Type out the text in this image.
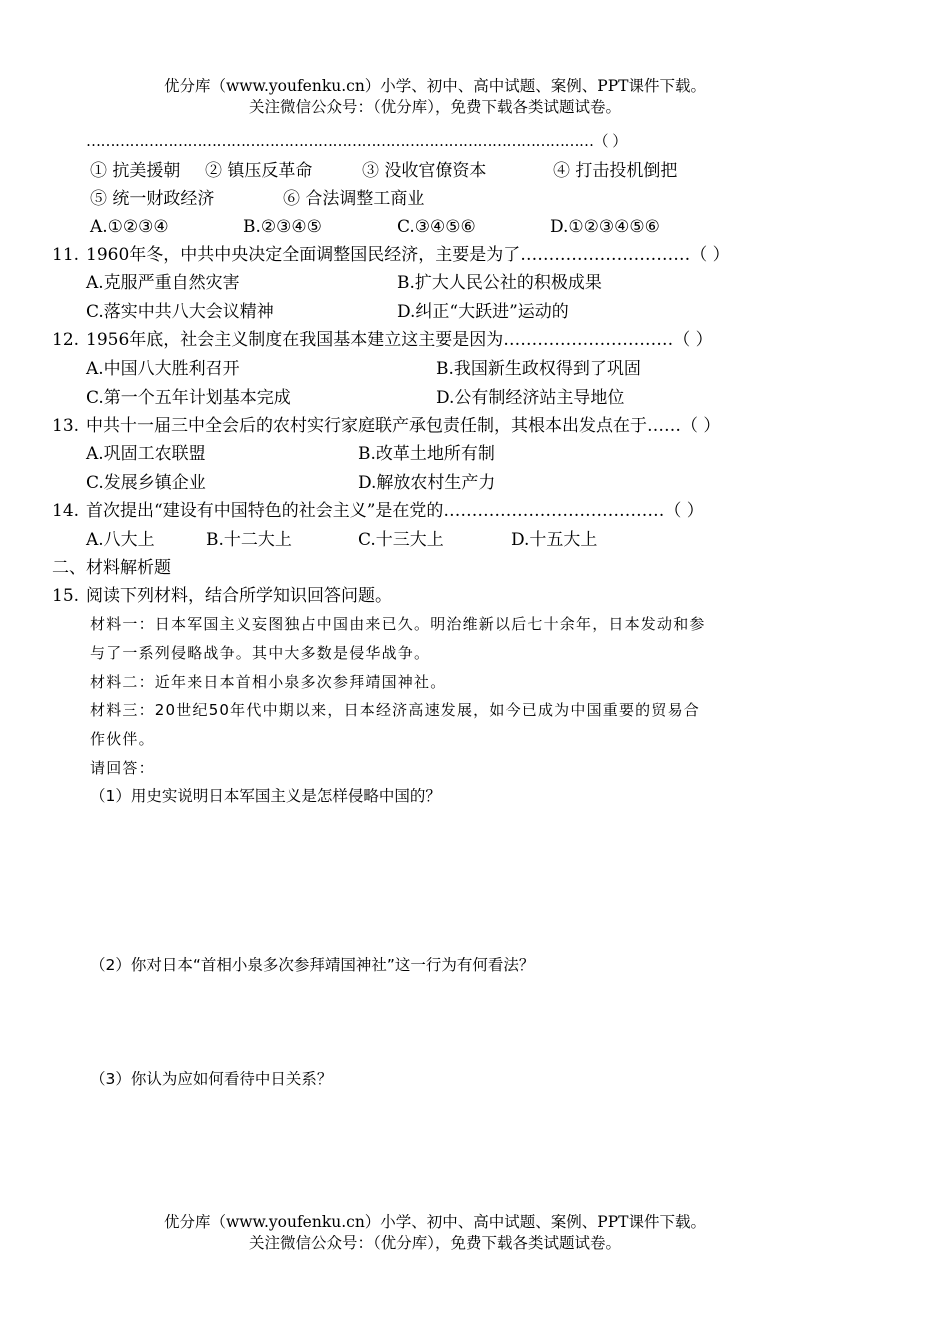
优分库（www.youfenku.cn）小学、初中、高中试题、案例、PPT课件下载。
关注微信公众号：（优分库），免费下载各类试题试卷。
……………………………………………………………………………………………（ ）
① 抗美援朝 ② 镇压反革命	③ 没收官僚资本	④ 打击投机倒把
⑤ 统一财政经济	⑥ 合法调整工商业
A.①②③④	B.②③④⑤	C.③④⑤⑥	D.①②③④⑤⑥
11. 1960年冬，中共中央决定全面调整国民经济，主要是为了…………………………（ ）
A.克服严重自然灾害	B.扩大人民公社的积极成果
C.落实中共八大会议精神	D.纠正“大跃进”运动的
12. 1956年底，社会主义制度在我国基本建立这主要是因为…………………………（ ）
A.中国八大胜利召开	B.我国新生政权得到了巩固
C.第一个五年计划基本完成	D.公有制经济站主导地位
13. 中共十一届三中全会后的农村实行家庭联产承包责任制，其根本出发点在于……（ ）
A.巩固工农联盟	B.改革土地所有制
C.发展乡镇企业	D.解放农村生产力
14. 首次提出“建设有中国特色的社会主义”是在党的…………………………………（ ）
A.八大上	B.十二大上	C.十三大上	D.十五大上
二、材料解析题
15. 阅读下列材料，结合所学知识回答问题。
材料一：日本军国主义妄图独占中国由来已久。明治维新以后七十余年，日本发动和参
与了一系列侵略战争。其中大多数是侵华战争。
材料二：近年来日本首相小泉多次参拜靖国神社。
材料三：20世纪50年代中期以来，日本经济高速发展，如今已成为中国重要的贸易合
作伙伴。
请回答：
（1）用史实说明日本军国主义是怎样侵略中国的？
（2）你对日本“首相小泉多次参拜靖国神社”这一行为有何看法？
（3）你认为应如何看待中日关系？
优分库（www.youfenku.cn）小学、初中、高中试题、案例、PPT课件下载。
关注微信公众号：（优分库），免费下载各类试题试卷。
